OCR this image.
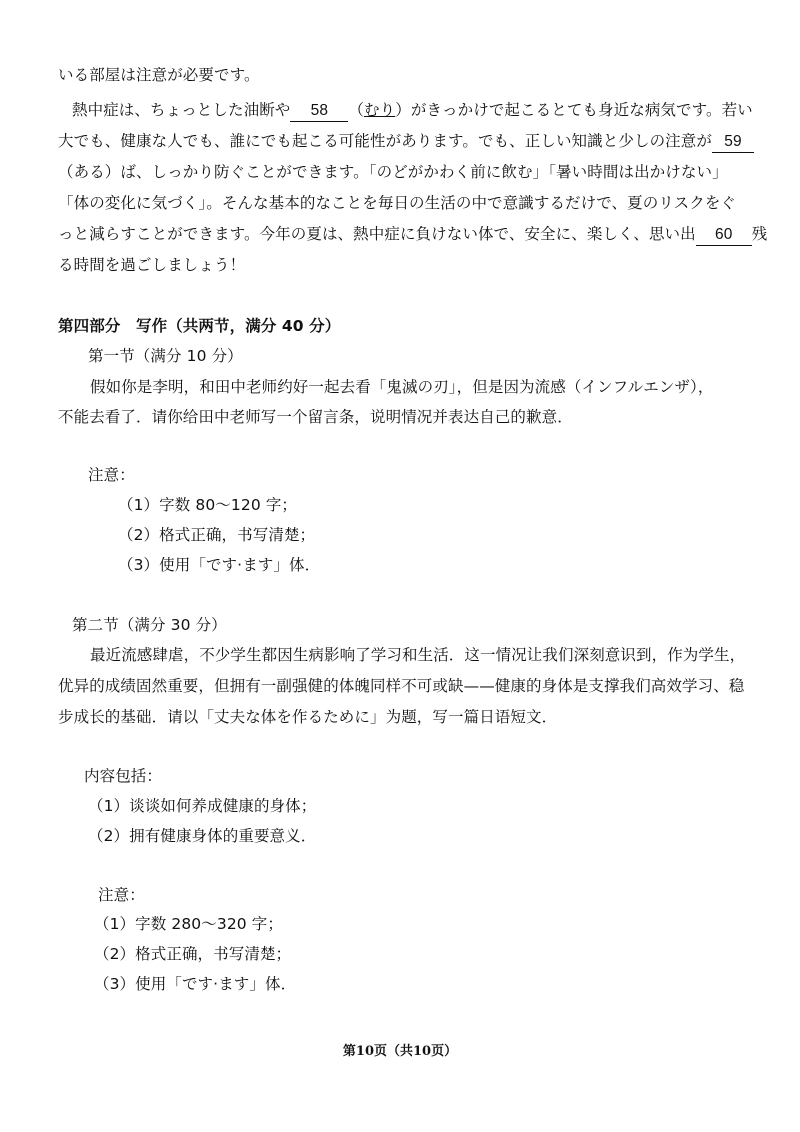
いる部屋は注意が必要です。
熱中症は、ちょっとした油断や 58 （むり）がきっかけで起こるとても身近な病気です。若い
大でも、健康な人でも、誰にでも起こる可能性があります。でも、正しい知識と少しの注意が 59
（ある）ば、しっかり防ぐことができます。「のどがかわく前に飲む」「暑い時間は出かけない」
「体の変化に気づく」。そんな基本的なことを毎日の生活の中で意識するだけで、夏のリスクをぐ
っと減らすことができます。今年の夏は、熱中症に負けない体で、安全に、楽しく、思い出 60 残
る時間を過ごしましょう！
第四部分　写作（共两节，满分 40 分）
第一节（满分 10 分）
假如你是李明，和田中老师约好一起去看「鬼滅の刃」，但是因为流感（インフルエンザ），
不能去看了．请你给田中老师写一个留言条，说明情况并表达自己的歉意．
注意：
（1）字数 80～120 字；
（2）格式正确，书写清楚；
（3）使用「です·ます」体．
第二节（满分 30 分）
最近流感肆虐，不少学生都因生病影响了学习和生活．这一情况让我们深刻意识到，作为学生，
优异的成绩固然重要，但拥有一副强健的体魄同样不可或缺——健康的身体是支撑我们高效学习、稳
步成长的基础．请以「丈夫な体を作るために」为题，写一篇日语短文．
内容包括：
（1）谈谈如何养成健康的身体；
（2）拥有健康身体的重要意义．
注意：
（1）字数 280～320 字；
（2）格式正确，书写清楚；
（3）使用「です·ます」体．
第10页（共10页）
